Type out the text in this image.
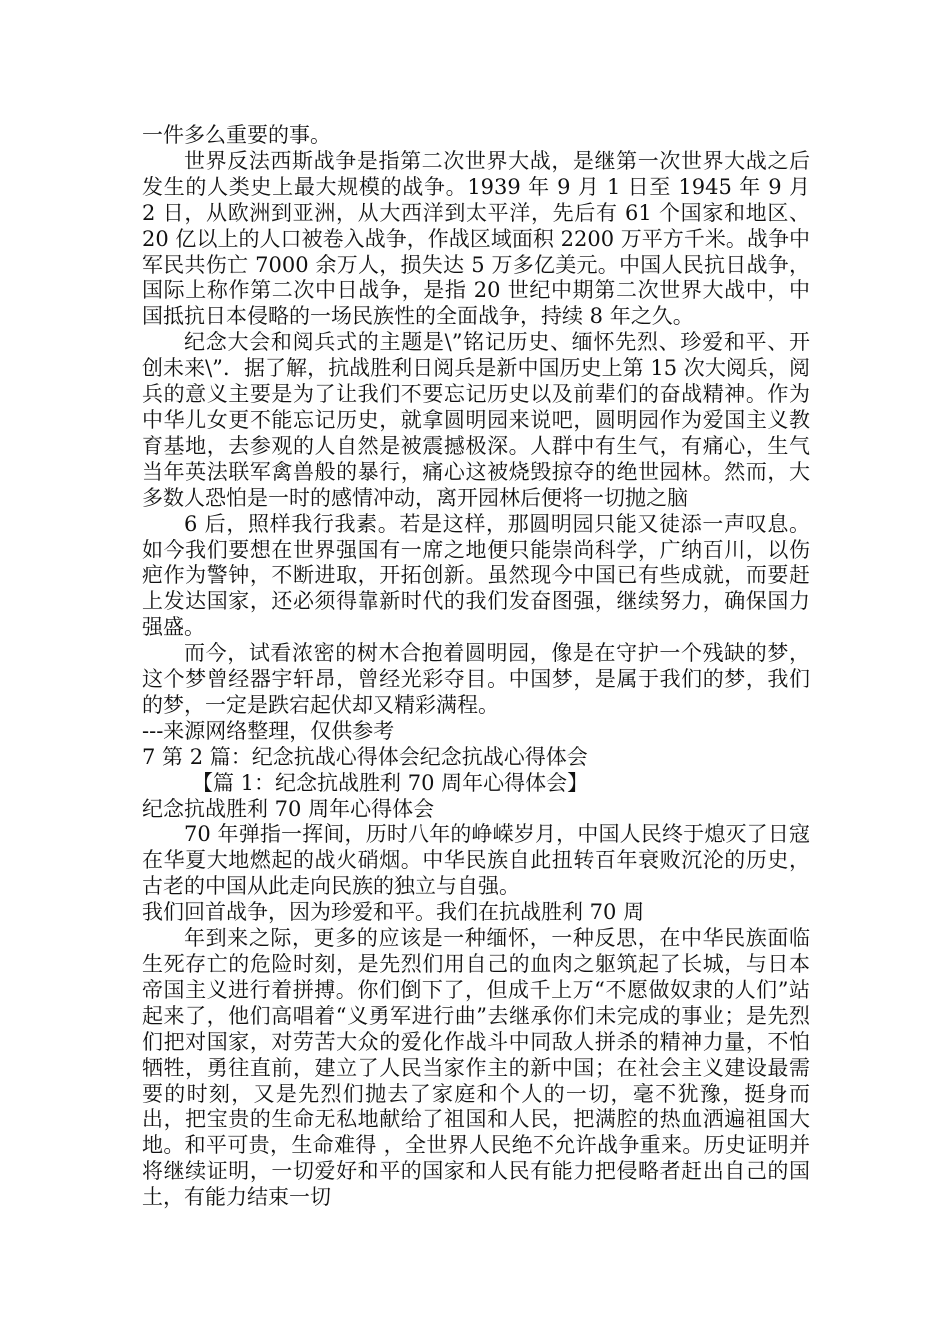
一件多么重要的事。

世界反法西斯战争是指第二次世界大战，是继第一次世界大战之后发生的人类史上最大规模的战争。1939 年 9 月 1 日至 1945 年 9 月 2 日，从欧洲到亚洲，从大西洋到太平洋，先后有 61 个国家和地区、20 亿以上的人口被卷入战争，作战区域面积 2200 万平方千米。战争中军民共伤亡 7000 余万人，损失达 5 万多亿美元。中国人民抗日战争，国际上称作第二次中日战争，是指 20 世纪中期第二次世界大战中，中国抵抗日本侵略的一场民族性的全面战争，持续 8 年之久。

纪念大会和阅兵式的主题是\”铭记历史、缅怀先烈、珍爱和平、开创未来\”．据了解，抗战胜利日阅兵是新中国历史上第 15 次大阅兵，阅兵的意义主要是为了让我们不要忘记历史以及前辈们的奋战精神。作为中华儿女更不能忘记历史，就拿圆明园来说吧，圆明园作为爱国主义教育基地，去参观的人自然是被震撼极深。人群中有生气，有痛心，生气当年英法联军禽兽般的暴行，痛心这被烧毁掠夺的绝世园林。然而，大多数人恐怕是一时的感情冲动，离开园林后便将一切抛之脑

6 后，照样我行我素。若是这样，那圆明园只能又徒添一声叹息。如今我们要想在世界强国有一席之地便只能崇尚科学，广纳百川，以伤疤作为警钟，不断进取，开拓创新。虽然现今中国已有些成就，而要赶上发达国家，还必须得靠新时代的我们发奋图强，继续努力，确保国力强盛。

而今，试看浓密的树木合抱着圆明园，像是在守护一个残缺的梦，这个梦曾经器宇轩昂，曾经光彩夺目。中国梦，是属于我们的梦，我们的梦，一定是跌宕起伏却又精彩满程。

---来源网络整理，仅供参考

7 第 2 篇：纪念抗战心得体会纪念抗战心得体会

【篇 1：纪念抗战胜利 70 周年心得体会】

纪念抗战胜利 70 周年心得体会

70 年弹指一挥间，历时八年的峥嵘岁月，中国人民终于熄灭了日寇在华夏大地燃起的战火硝烟。中华民族自此扭转百年衰败沉沦的历史，古老的中国从此走向民族的独立与自强。

我们回首战争，因为珍爱和平。我们在抗战胜利 70 周

年到来之际，更多的应该是一种缅怀，一种反思，在中华民族面临生死存亡的危险时刻，是先烈们用自己的血肉之躯筑起了长城，与日本帝国主义进行着拼搏。你们倒下了，但成千上万“不愿做奴隶的人们”站起来了，他们高唱着“义勇军进行曲”去继承你们未完成的事业；是先烈们把对国家，对劳苦大众的爱化作战斗中同敌人拼杀的精神力量，不怕牺牲，勇往直前，建立了人民当家作主的新中国；在社会主义建设最需要的时刻，又是先烈们抛去了家庭和个人的一切，毫不犹豫，挺身而出，把宝贵的生命无私地献给了祖国和人民，把满腔的热血洒遍祖国大地。和平可贵，生命难得 ，全世界人民绝不允许战争重来。历史证明并将继续证明，一切爱好和平的国家和人民有能力把侵略者赶出自己的国土，有能力结束一切
